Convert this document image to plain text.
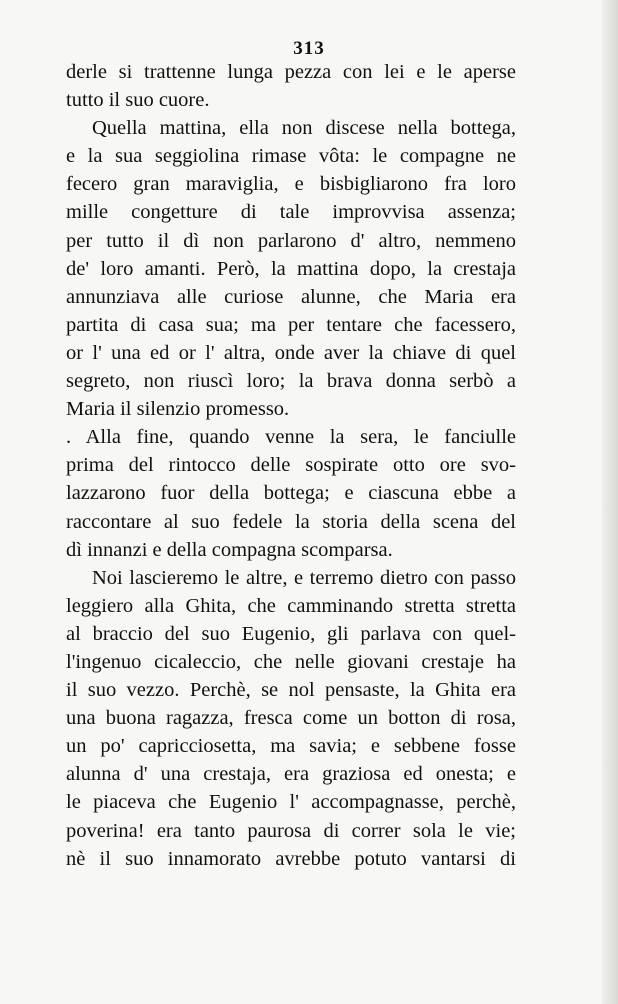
313
derle si trattenne lunga pezza con lei e le aperse
tutto il suo cuore.
Quella mattina, ella non discese nella bottega,
e la sua seggiolina rimase vôta: le compagne ne
fecero gran maraviglia, e bisbigliarono fra loro
mille congetture di tale improvvisa assenza;
per tutto il dì non parlarono d' altro, nemmeno
de' loro amanti. Però, la mattina dopo, la crestaja
annunziava alle curiose alunne, che Maria era
partita di casa sua; ma per tentare che facessero,
or l' una ed or l' altra, onde aver la chiave di quel
segreto, non riuscì loro; la brava donna serbò a
Maria il silenzio promesso.
. Alla fine, quando venne la sera, le fanciulle
prima del rintocco delle sospirate otto ore svo-
lazzarono fuor della bottega; e ciascuna ebbe a
raccontare al suo fedele la storia della scena del
dì innanzi e della compagna scomparsa.
Noi lascieremo le altre, e terremo dietro con passo
leggiero alla Ghita, che camminando stretta stretta
al braccio del suo Eugenio, gli parlava con quel-
l'ingenuo cicaleccio, che nelle giovani crestaje ha
il suo vezzo. Perchè, se nol pensaste, la Ghita era
una buona ragazza, fresca come un botton di rosa,
un po' capricciosetta, ma savia; e sebbene fosse
alunna d' una crestaja, era graziosa ed onesta; e
le piaceva che Eugenio l' accompagnasse, perchè,
poverina! era tanto paurosa di correr sola le vie;
nè il suo innamorato avrebbe potuto vantarsi di
